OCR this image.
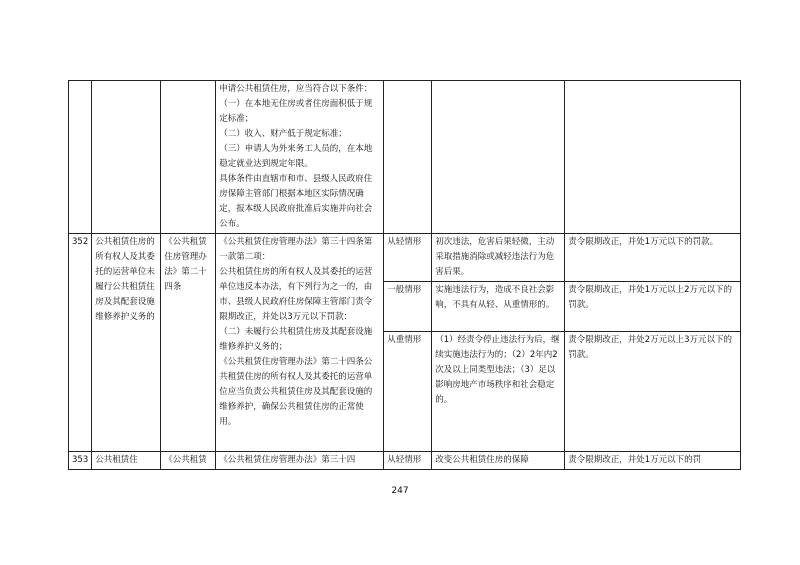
			申请公共租赁住房，应当符合以下条件：
（一）在本地无住房或者住房面积低于规定标准；
（二）收入、财产低于规定标准；
（三）申请人为外来务工人员的，在本地稳定就业达到规定年限。
具体条件由直辖市和市、县级人民政府住房保障主管部门根据本地区实际情况确定，报本级人民政府批准后实施并向社会公布。			
352	公共租赁住房的所有权人及其委托的运营单位未履行公共租赁住房及其配套设施维修养护义务的	《公共租赁住房管理办法》第二十四条	《公共租赁住房管理办法》第三十四条第一款第二项：
公共租赁住房的所有权人及其委托的运营单位违反本办法，有下列行为之一的，由市、县级人民政府住房保障主管部门责令限期改正，并处以3万元以下罚款：
（二）未履行公共租赁住房及其配套设施维修养护义务的；
《公共租赁住房管理办法》第二十四条公共租赁住房的所有权人及其委托的运营单位应当负责公共租赁住房及其配套设施的维修养护，确保公共租赁住房的正常使用。	从轻情形	初次违法，危害后果轻微，主动采取措施消除或减轻违法行为危害后果。	责令限期改正，并处1万元以下的罚款。
				一般情形	实施违法行为，造成不良社会影响，不具有从轻、从重情形的。	责令限期改正，并处1万元以上2万元以下的罚款。
				从重情形	（1）经责令停止违法行为后，继续实施违法行为的；（2）2年内2次及以上同类型违法；（3）足以影响房地产市场秩序和社会稳定的。	责令限期改正，并处2万元以上3万元以下的罚款。
353	公共租赁住	《公共租赁	《公共租赁住房管理办法》第三十四	从轻情形	改变公共租赁住房的保障	责令限期改正，并处1万元以下的罚
247
